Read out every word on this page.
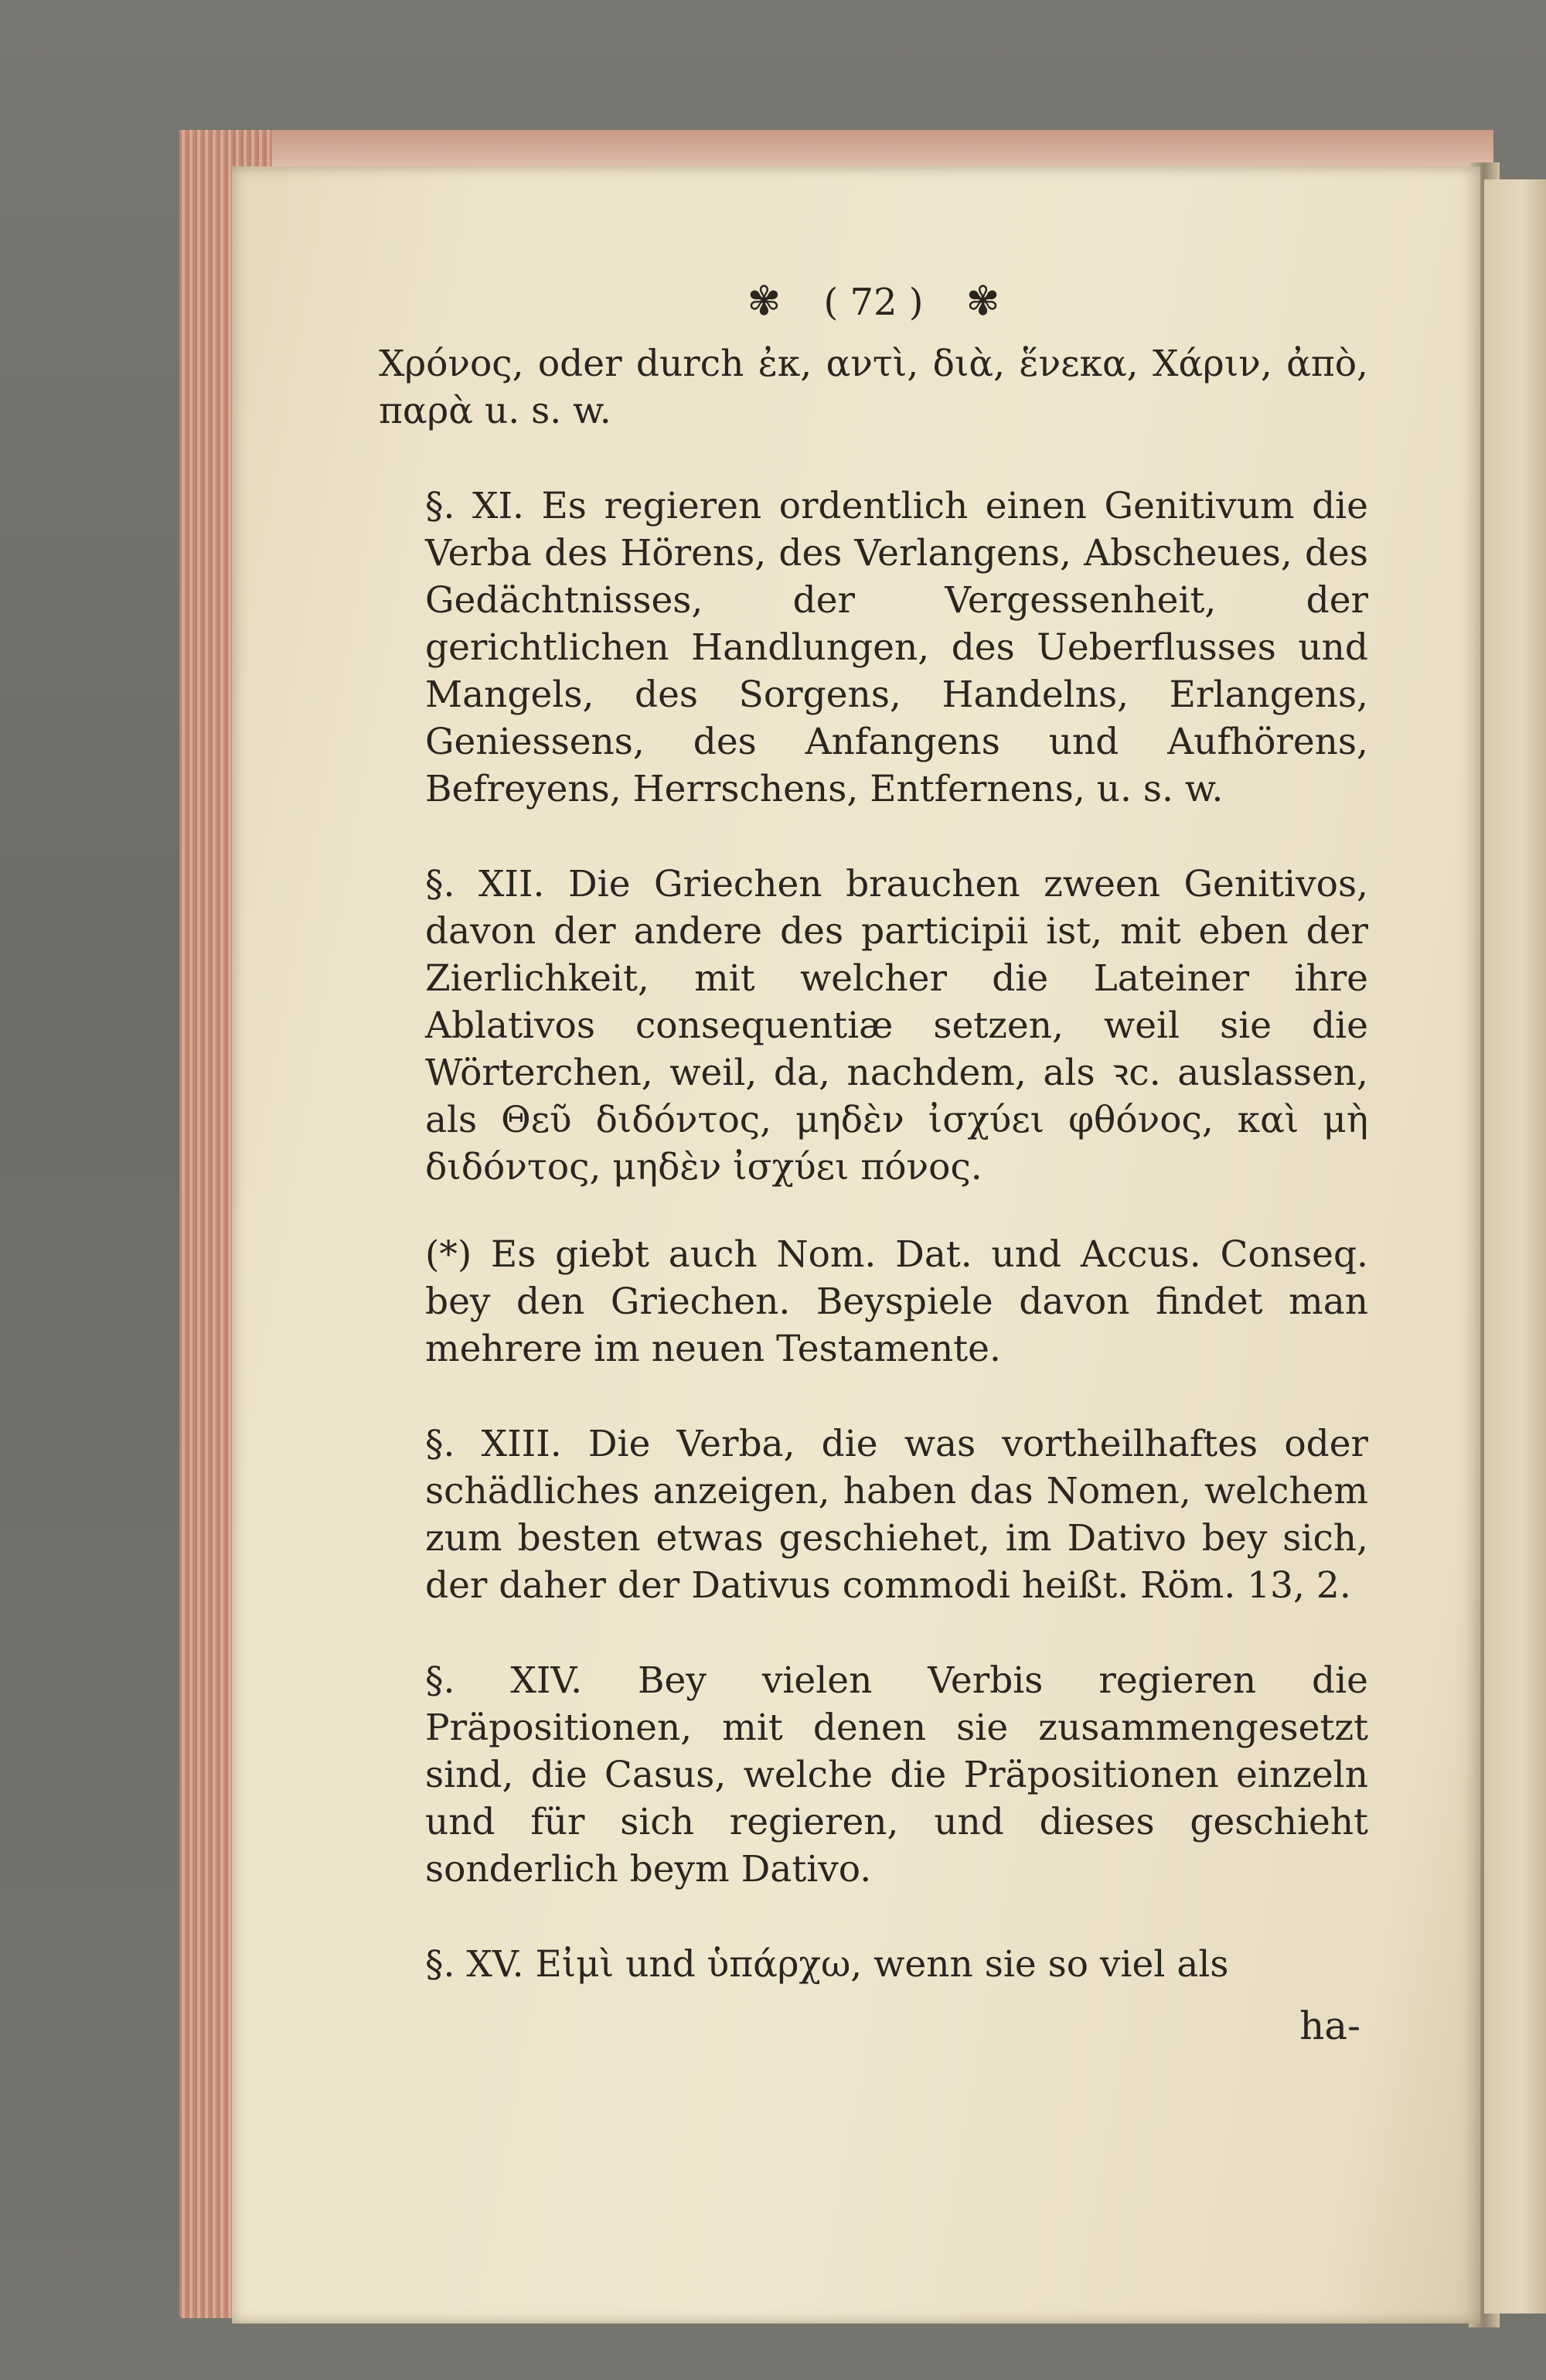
✾ ( 72 ) ✾

Χρόνος, oder durch ἐκ, αντὶ, διὰ, ἕνεκα, Χάριν, ἀπὸ, παρὰ u. s. w.

§. XI. Es regieren ordentlich einen Genitivum die Verba des Hörens, des Verlangens, Abscheues, des Gedächtnisses, der Vergessenheit, der gerichtlichen Handlungen, des Ueberflusses und Mangels, des Sorgens, Handelns, Erlangens, Geniessens, des Anfangens und Aufhörens, Befreyens, Herrschens, Entfernens, u. s. w.

§. XII. Die Griechen brauchen zween Genitivos, davon der andere des participii ist, mit eben der Zierlichkeit, mit welcher die Lateiner ihre Ablativos consequentiæ setzen, weil sie die Wörterchen, weil, da, nachdem, als ꝛc. auslassen, als Θεῦ διδόντος, μηδὲν ἰσχύει φθόνος, καὶ μὴ διδόντος, μηδὲν ἰσχύει πόνος.

(*) Es giebt auch Nom. Dat. und Accus. Conseq. bey den Griechen. Beyspiele davon findet man mehrere im neuen Testamente.

§. XIII. Die Verba, die was vortheilhaftes oder schädliches anzeigen, haben das Nomen, welchem zum besten etwas geschiehet, im Dativo bey sich, der daher der Dativus commodi heißt. Röm. 13, 2.

§. XIV. Bey vielen Verbis regieren die Präpositionen, mit denen sie zusammengesetzt sind, die Casus, welche die Präpositionen einzeln und für sich regieren, und dieses geschieht sonderlich beym Dativo.

§. XV. Εἰμὶ und ὑπάρχω, wenn sie so viel als

ha-
